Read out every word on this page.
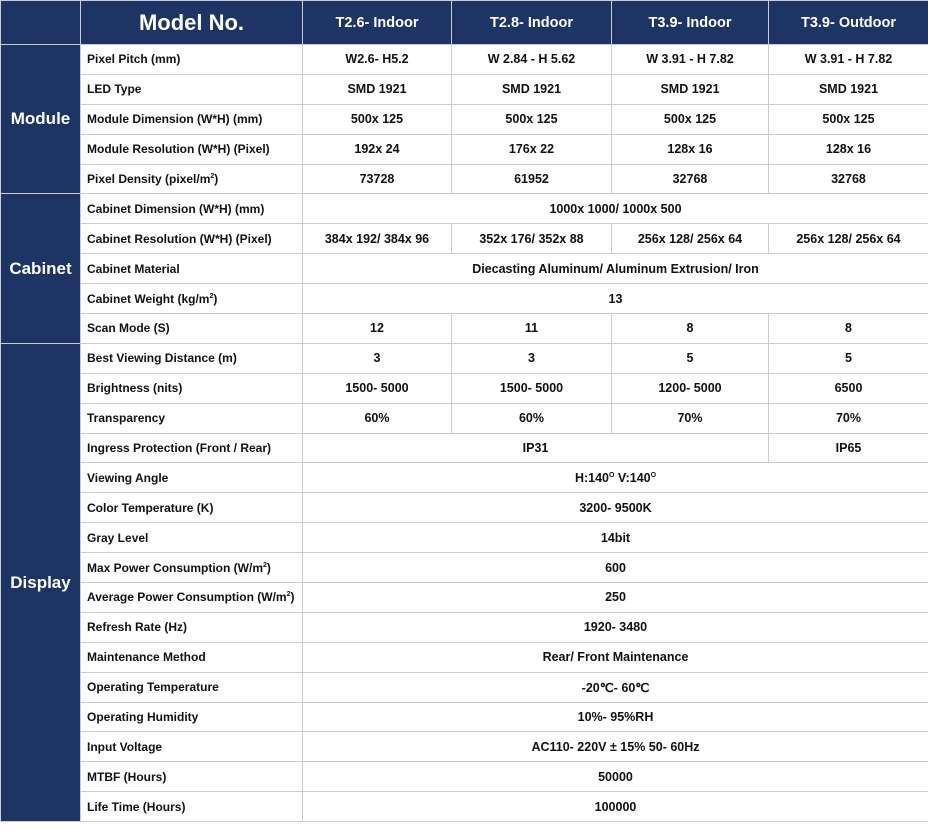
	Model No.	T2.6- Indoor	T2.8- Indoor	T3.9- Indoor	T3.9- Outdoor
Module	Pixel Pitch (mm)	W2.6- H5.2	W 2.84 - H 5.62	W 3.91 - H 7.82	W 3.91 - H 7.82
	LED Type	SMD 1921	SMD 1921	SMD 1921	SMD 1921
	Module Dimension (W*H) (mm)	500x 125	500x 125	500x 125	500x 125
	Module Resolution (W*H) (Pixel)	192x 24	176x 22	128x 16	128x 16
	Pixel Density $(pixel/m^2)$	73728	61952	32768	32768
Cabinet	Cabinet Dimension (W*H) (mm)	1000x 1000/ 1000x 500			
	Cabinet Resolution (W*H) (Pixel)	384x 192/ 384x 96	352x 176/ 352x 88	256x 128/ 256x 64	256x 128/ 256x 64
	Cabinet Material	Diecasting Aluminum/ Aluminum Extrusion/ Iron			
	Cabinet Weight $(kg/m^2)$	13			
	Scan Mode (S)	12	11	8	8
Display	Best Viewing Distance (m)	3	3	5	5
	Brightness (nits)	1500- 5000	1500- 5000	1200- 5000	6500
	Transparency	60%	60%	70%	70%
	Ingress Protection (Front / Rear)	IP31			IP65
	Viewing Angle	$H:140^O$ $V:140^O$
	Color Temperature (K)	3200- 9500K			
	Gray Level	14bit			
	Max Power Consumption $(W/m^2)$	600			
	Average Power Consumption $(W/m^2)$	250			
	Refresh Rate (Hz)	1920- 3480			
	Maintenance Method	Rear/ Front Maintenance			
	Operating Temperature	-20℃- 60℃			
	Operating Humidity	10%- 95%RH			
	Input Voltage	AC110- 220V ± 15% 50- 60Hz			
	MTBF (Hours)	50000			
	Life Time (Hours)	100000			
